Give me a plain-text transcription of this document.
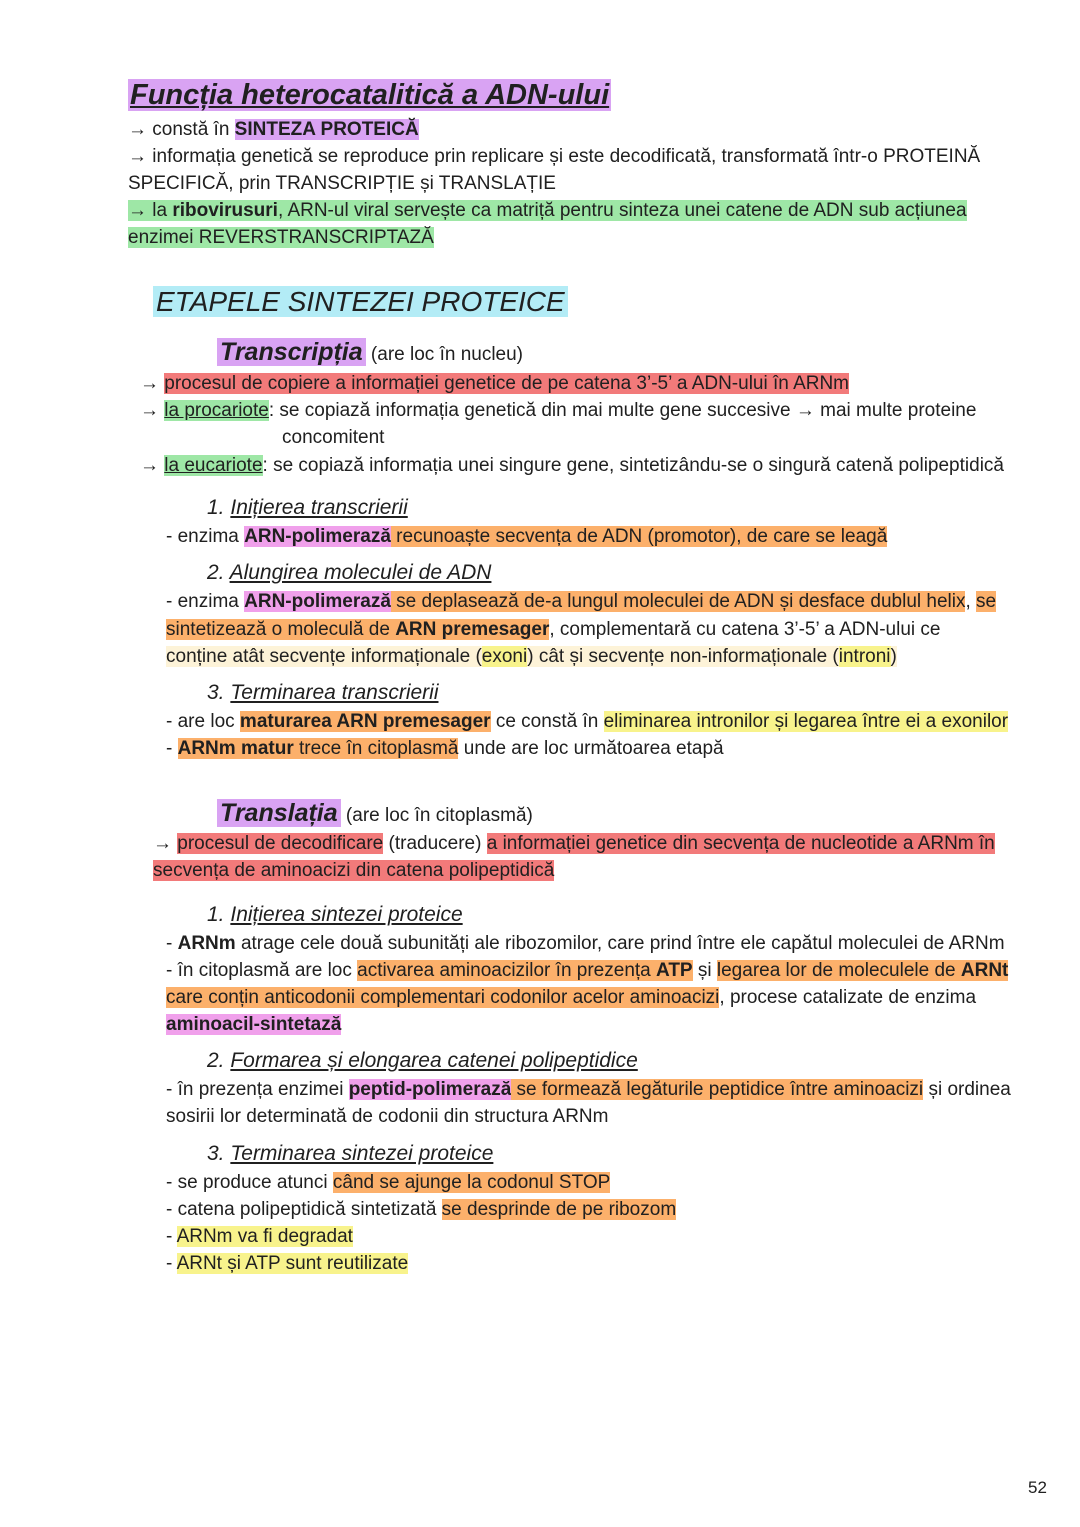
Funcția heterocatalitică a ADN-ului
→ constă în SINTEZA PROTEICĂ
→ informația genetică se reproduce prin replicare și este decodificată, transformată într-o PROTEINĂ
SPECIFICĂ, prin TRANSCRIPȚIE și TRANSLAȚIE
→ la ribovirusuri, ARN-ul viral servește ca matriță pentru sinteza unei catene de ADN sub acțiunea
enzimei REVERSTRANSCRIPTAZĂ
ETAPELE SINTEZEI PROTEICE
Transcripția (are loc în nucleu)
→ procesul de copiere a informației genetice de pe catena 3’-5’ a ADN-ului în ARNm
→ la procariote: se copiază informația genetică din mai multe gene succesive → mai multe proteine
concomitent
→ la eucariote: se copiază informația unei singure gene, sintetizându-se o singură catenă polipeptidică
1. Inițierea transcrierii
- enzima ARN-polimerază recunoaște secvența de ADN (promotor), de care se leagă
2. Alungirea moleculei de ADN
- enzima ARN-polimerază se deplasează de-a lungul moleculei de ADN și desface dublul helix, se
sintetizează o moleculă de ARN premesager, complementară cu catena 3’-5’ a ADN-ului ce
conține atât secvențe informaționale (exoni) cât și secvențe non-informaționale (introni)
3. Terminarea transcrierii
- are loc maturarea ARN premesager ce constă în eliminarea intronilor și legarea între ei a exonilor
- ARNm matur trece în citoplasmă unde are loc următoarea etapă
Translația (are loc în citoplasmă)
→ procesul de decodificare (traducere) a informației genetice din secvența de nucleotide a ARNm în
secvența de aminoacizi din catena polipeptidică
1. Inițierea sintezei proteice
- ARNm atrage cele două subunități ale ribozomilor, care prind între ele capătul moleculei de ARNm
- în citoplasmă are loc activarea aminoacizilor în prezența ATP și legarea lor de moleculele de ARNt
care conțin anticodonii complementari codonilor acelor aminoacizi, procese catalizate de enzima
aminoacil-sintetază
2. Formarea și elongarea catenei polipeptidice
- în prezența enzimei peptid-polimerază se formează legăturile peptidice între aminoacizi și ordinea
sosirii lor determinată de codonii din structura ARNm
3. Terminarea sintezei proteice
- se produce atunci când se ajunge la codonul STOP
- catena polipeptidică sintetizată se desprinde de pe ribozom
- ARNm va fi degradat
- ARNt și ATP sunt reutilizate
52
